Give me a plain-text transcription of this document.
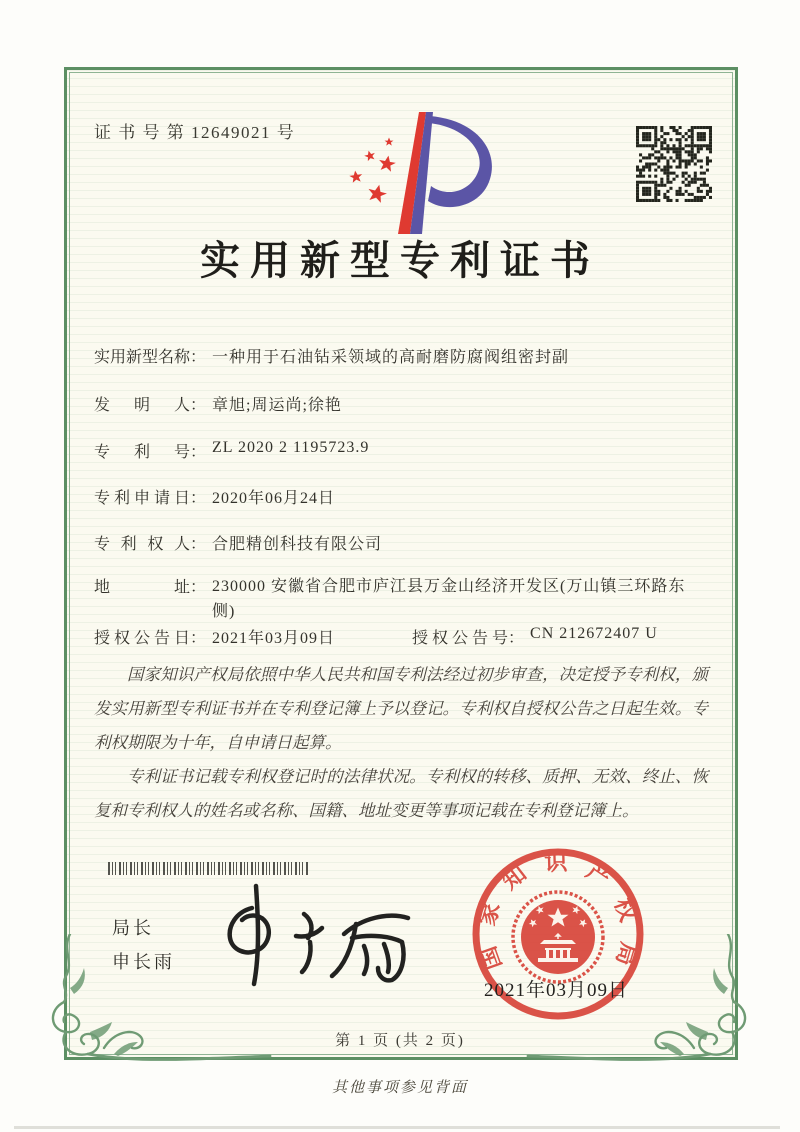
证 书 号 第 12649021 号
实用新型专利证书
实用新型名称： 一种用于石油钻采领域的高耐磨防腐阀组密封副
发明人： 章旭;周运尚;徐艳
专利号： ZL 2020 2 1195723.9
专利申请日： 2020年06月24日
专利权人： 合肥精创科技有限公司
地址： 230000 安徽省合肥市庐江县万金山经济开发区(万山镇三环路东侧)
授权公告日： 2021年03月09日	授权公告号： CN 212672407 U

国家知识产权局依照中华人民共和国专利法经过初步审查，决定授予专利权，颁发实用新型专利证书并在专利登记簿上予以登记。专利权自授权公告之日起生效。专利权期限为十年，自申请日起算。

专利证书记载专利权登记时的法律状况。专利权的转移、质押、无效、终止、恢复和专利权人的姓名或名称、国籍、地址变更等事项记载在专利登记簿上。

局长
申长雨	国家知识产权局
2021年03月09日
第 1 页 (共 2 页)
其他事项参见背面
